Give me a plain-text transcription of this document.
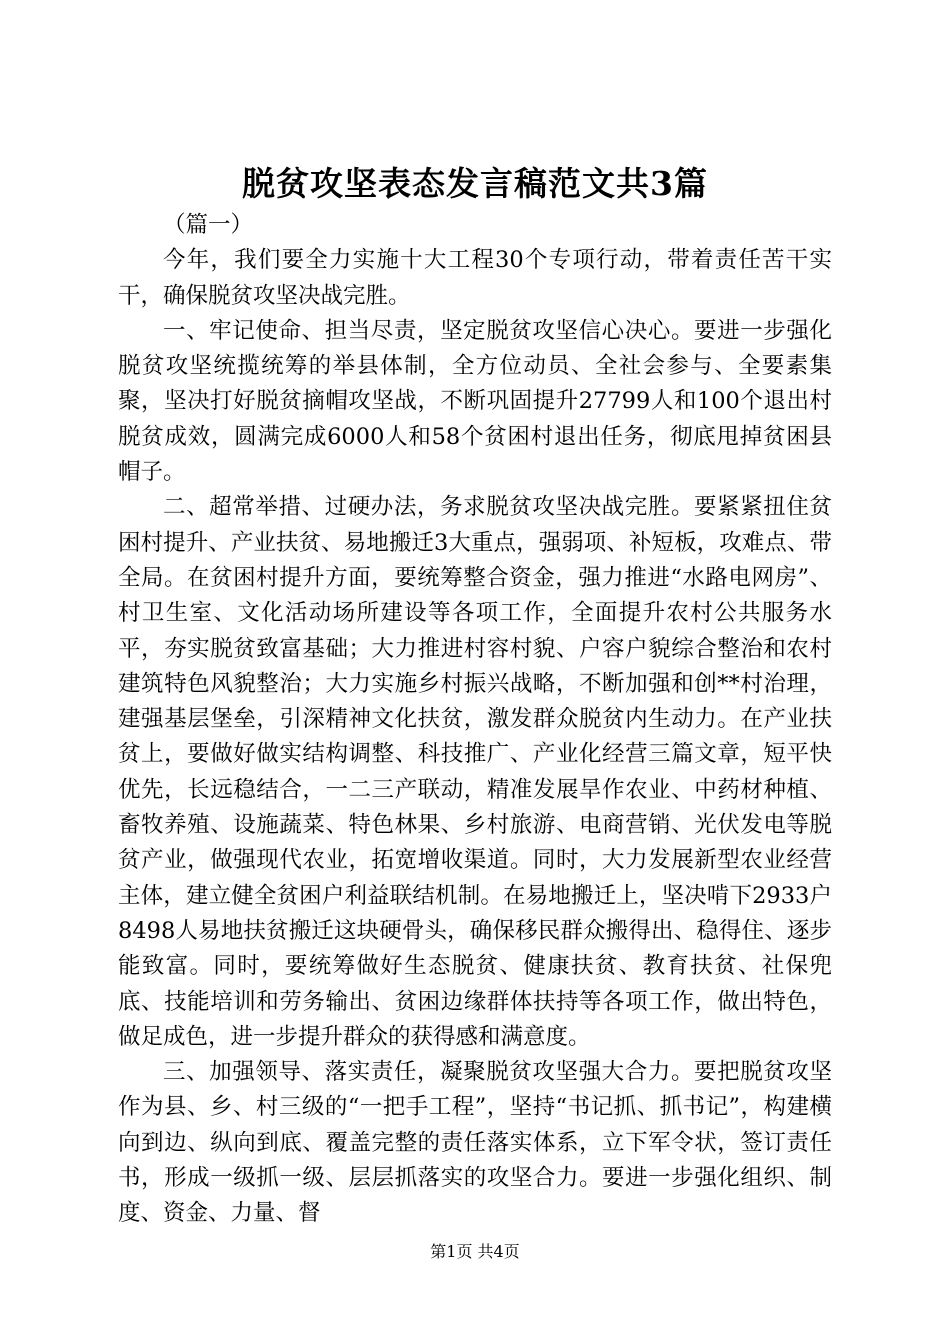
脱贫攻坚表态发言稿范文共3篇

（篇一）

今年，我们要全力实施十大工程30个专项行动，带着责任苦干实干，确保脱贫攻坚决战完胜。

一、牢记使命、担当尽责，坚定脱贫攻坚信心决心。要进一步强化脱贫攻坚统揽统筹的举县体制，全方位动员、全社会参与、全要素集聚，坚决打好脱贫摘帽攻坚战，不断巩固提升27799人和100个退出村脱贫成效，圆满完成6000人和58个贫困村退出任务，彻底甩掉贫困县帽子。

二、超常举措、过硬办法，务求脱贫攻坚决战完胜。要紧紧扭住贫困村提升、产业扶贫、易地搬迁3大重点，强弱项、补短板，攻难点、带全局。在贫困村提升方面，要统筹整合资金，强力推进“水路电网房”、村卫生室、文化活动场所建设等各项工作，全面提升农村公共服务水平，夯实脱贫致富基础；大力推进村容村貌、户容户貌综合整治和农村建筑特色风貌整治；大力实施乡村振兴战略，不断加强和创**村治理，建强基层堡垒，引深精神文化扶贫，激发群众脱贫内生动力。在产业扶贫上，要做好做实结构调整、科技推广、产业化经营三篇文章，短平快优先，长远稳结合，一二三产联动，精准发展旱作农业、中药材种植、畜牧养殖、设施蔬菜、特色林果、乡村旅游、电商营销、光伏发电等脱贫产业，做强现代农业，拓宽增收渠道。同时，大力发展新型农业经营主体，建立健全贫困户利益联结机制。在易地搬迁上，坚决啃下2933户8498人易地扶贫搬迁这块硬骨头，确保移民群众搬得出、稳得住、逐步能致富。同时，要统筹做好生态脱贫、健康扶贫、教育扶贫、社保兜底、技能培训和劳务输出、贫困边缘群体扶持等各项工作，做出特色，做足成色，进一步提升群众的获得感和满意度。

三、加强领导、落实责任，凝聚脱贫攻坚强大合力。要把脱贫攻坚作为县、乡、村三级的“一把手工程”，坚持“书记抓、抓书记”，构建横向到边、纵向到底、覆盖完整的责任落实体系，立下军令状，签订责任书，形成一级抓一级、层层抓落实的攻坚合力。要进一步强化组织、制度、资金、力量、督

第1页 共4页
